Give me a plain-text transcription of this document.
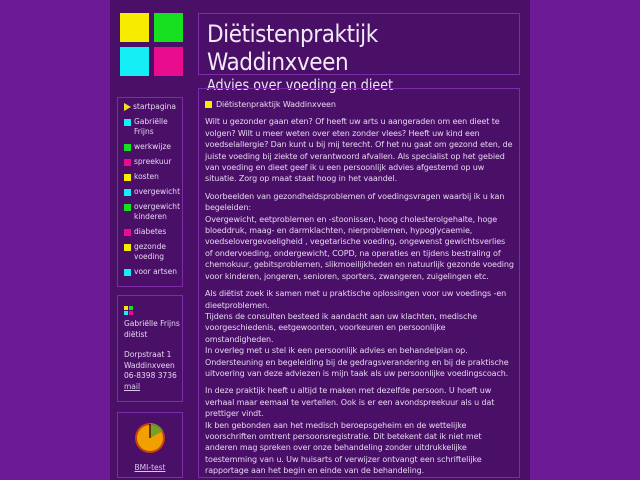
Diëtistenpraktijk Waddinxveen
Advies over voeding en dieet
startpagina
Gabriëlle Frijns
werkwijze
spreekuur
kosten
overgewicht
overgewicht kinderen
diabetes
gezonde voeding
voor artsen
Gabriëlle Frijns
diëtist
Dorpstraat 1
Waddinxveen
06-8398 3736
mail
BMI-test
Diëtistenpraktijk Waddinxveen

Wilt u gezonder gaan eten? Of heeft uw arts u aangeraden om een dieet te volgen? Wilt u meer weten over eten zonder vlees? Heeft uw kind een voedselallergie? Dan kunt u bij mij terecht. Of het nu gaat om gezond eten, de juiste voeding bij ziekte of verantwoord afvallen. Als specialist op het gebied van voeding en dieet geef ik u een persoonlijk advies afgestemd op uw situatie. Zorg op maat staat hoog in het vaandel.

Voorbeelden van gezondheidsproblemen of voedingsvragen waarbij ik u kan begeleiden:
Overgewicht, eetproblemen en -stoonissen, hoog cholesterolgehalte, hoge bloeddruk, maag- en darmklachten, nierproblemen, hypoglycaemie, voedselovergevoeligheid , vegetarische voeding, ongewenst gewichtsverlies of ondervoeding, ondergewicht, COPD, na operaties en tijdens bestraling of chemokuur, gebitsproblemen, slikmoeilijkheden en natuurlijk gezonde voeding voor kinderen, jongeren, senioren, sporters, zwangeren, zuigelingen etc.

Als diëtist zoek ik samen met u praktische oplossingen voor uw voedings -en dieetproblemen.
Tijdens de consulten besteed ik aandacht aan uw klachten, medische voorgeschiedenis, eetgewoonten, voorkeuren en persoonlijke omstandigheden.
In overleg met u stel ik een persoonlijk advies en behandelplan op.
Ondersteuning en begeleiding bij de gedragsverandering en bij de praktische uitvoering van deze adviezen is mijn taak als uw persoonlijke voedingscoach.

In deze praktijk heeft u altijd te maken met dezelfde persoon. U hoeft uw verhaal maar eemaal te vertellen. Ook is er een avondspreekuur als u dat prettiger vindt.
Ik ben gebonden aan het medisch beroepsgeheim en de wettelijke voorschriften omtrent persoonsregistratie. Dit betekent dat ik niet met anderen mag spreken over onze behandeling zonder uitdrukkelijke toestemming van u. Uw huisarts of verwijzer ontvangt een schriftelijke rapportage aan het begin en einde van de behandeling.
